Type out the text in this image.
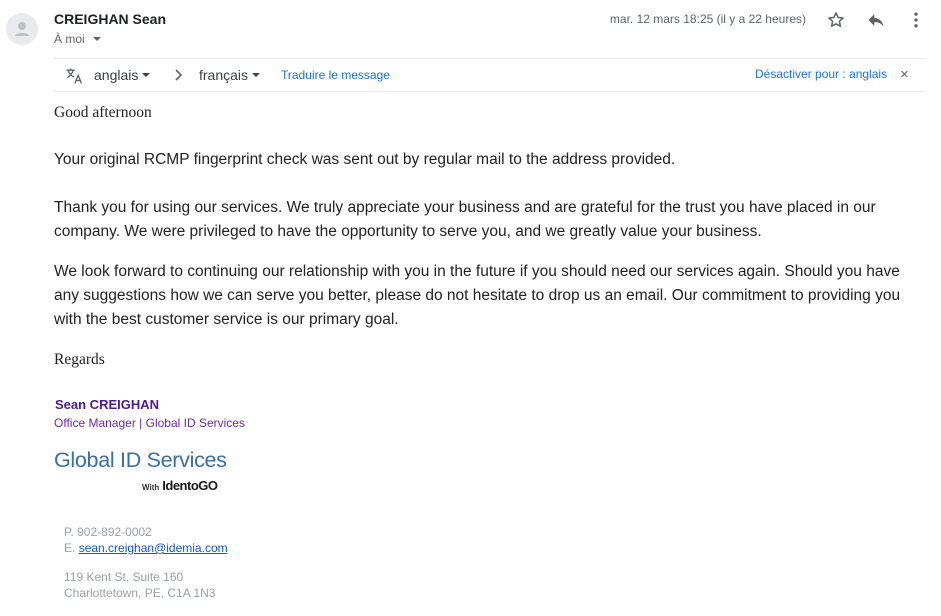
CREIGHAN Sean
À moi
mar. 12 mars 18:25 (il y a 22 heures)
anglais	français	Traduire le message	Désactiver pour : anglais ×
Good afternoon
Your original RCMP fingerprint check was sent out by regular mail to the address provided.
Thank you for using our services. We truly appreciate your business and are grateful for the trust you have placed in our company. We were privileged to have the opportunity to serve you, and we greatly value your business.
We look forward to continuing our relationship with you in the future if you should need our services again. Should you have any suggestions how we can serve you better, please do not hesitate to drop us an email. Our commitment to providing you with the best customer service is our primary goal.
Regards
Sean CREIGHAN
Office Manager | Global ID Services
Global ID Services
With IdentoGO
P. 902-892-0002
E. sean.creighan@idemia.com
119 Kent St, Suite 160
Charlottetown, PE, C1A 1N3
